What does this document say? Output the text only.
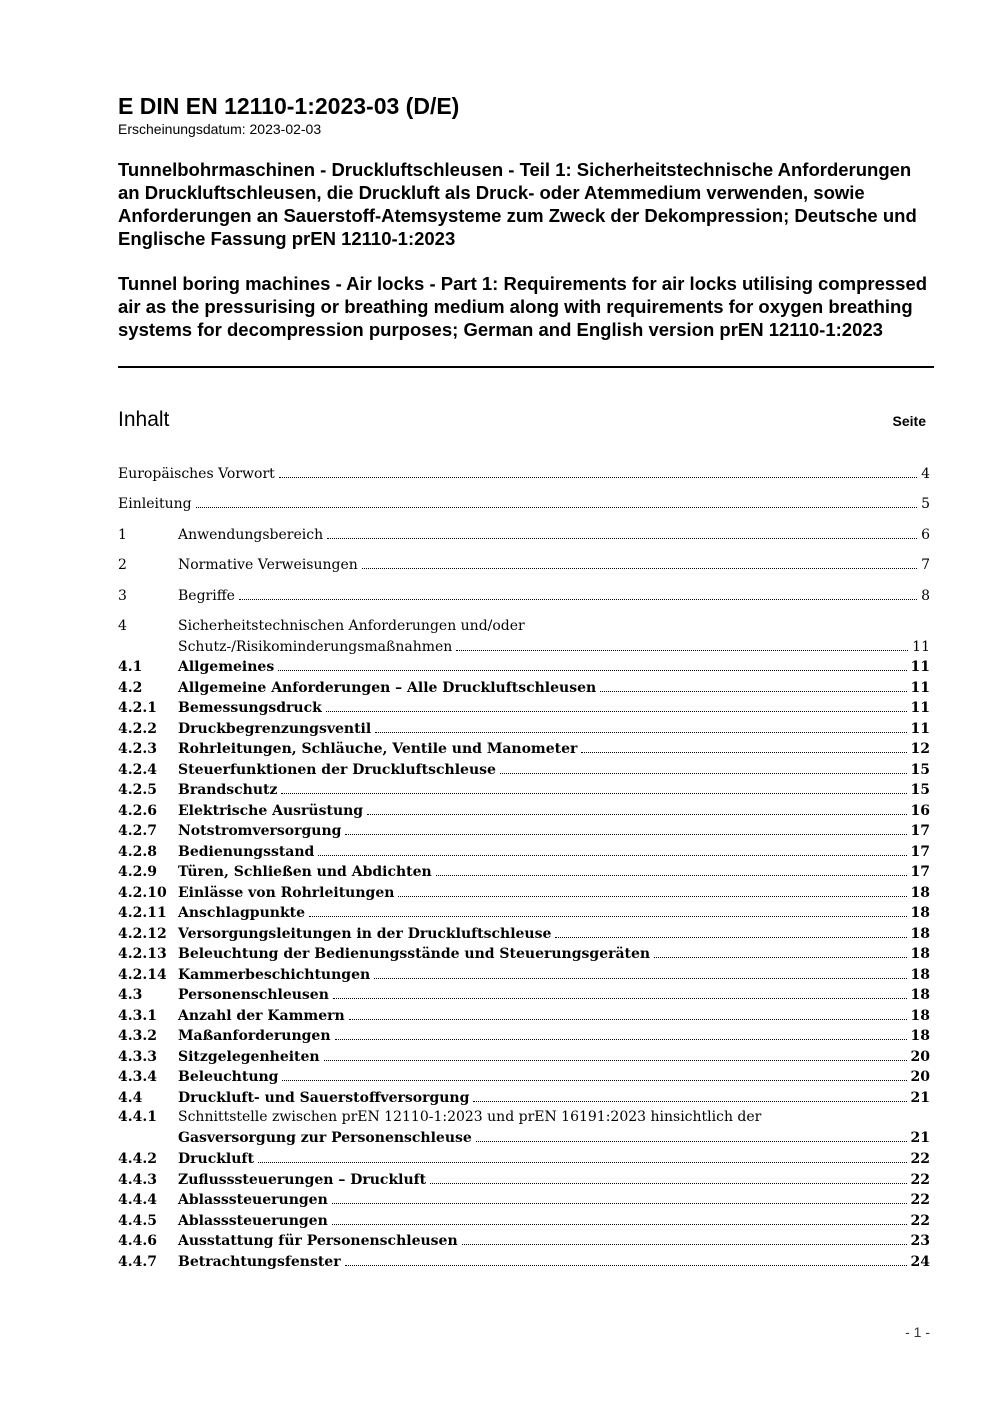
E DIN EN 12110-1:2023-03 (D/E)
Erscheinungsdatum: 2023-02-03
Tunnelbohrmaschinen - Druckluftschleusen - Teil 1: Sicherheitstechnische Anforderungen an Druckluftschleusen, die Druckluft als Druck- oder Atemmedium verwenden, sowie Anforderungen an Sauerstoff-Atemsysteme zum Zweck der Dekompression; Deutsche und Englische Fassung prEN 12110-1:2023
Tunnel boring machines - Air locks - Part 1: Requirements for air locks utilising compressed air as the pressurising or breathing medium along with requirements for oxygen breathing systems for decompression purposes; German and English version prEN 12110-1:2023
Inhalt	Seite
Europäisches Vorwort	4
Einleitung	5
1	Anwendungsbereich	6
2	Normative Verweisungen	7
3	Begriffe	8
4	Sicherheitstechnischen Anforderungen und/oder
Schutz-/Risikominderungsmaßnahmen	11
4.1	Allgemeines	11
4.2	Allgemeine Anforderungen – Alle Druckluftschleusen	11
4.2.1 Bemessungsdruck	11
4.2.2 Druckbegrenzungsventil	11
4.2.3 Rohrleitungen, Schläuche, Ventile und Manometer	12
4.2.4 Steuerfunktionen der Druckluftschleuse	15
4.2.5 Brandschutz	15
4.2.6 Elektrische Ausrüstung	16
4.2.7 Notstromversorgung	17
4.2.8 Bedienungsstand	17
4.2.9 Türen, Schließen und Abdichten	17
4.2.10 Einlässe von Rohrleitungen	18
4.2.11 Anschlagpunkte	18
4.2.12 Versorgungsleitungen in der Druckluftschleuse	18
4.2.13 Beleuchtung der Bedienungsstände und Steuerungsgeräten	18
4.2.14 Kammerbeschichtungen	18
4.3	Personenschleusen	18
4.3.1 Anzahl der Kammern	18
4.3.2 Maßanforderungen	18
4.3.3 Sitzgelegenheiten	20
4.3.4 Beleuchtung	20
4.4	Druckluft- und Sauerstoffversorgung	21
4.4.1 Schnittstelle zwischen prEN 12110-1:2023 und prEN 16191:2023 hinsichtlich der
Gasversorgung zur Personenschleuse	21
4.4.2 Druckluft	22
4.4.3 Zuflusssteuerungen – Druckluft	22
4.4.4 Ablasssteuerungen	22
4.4.5 Ablasssteuerungen	22
4.4.6 Ausstattung für Personenschleusen	23
4.4.7 Betrachtungsfenster	24
- 1 -
